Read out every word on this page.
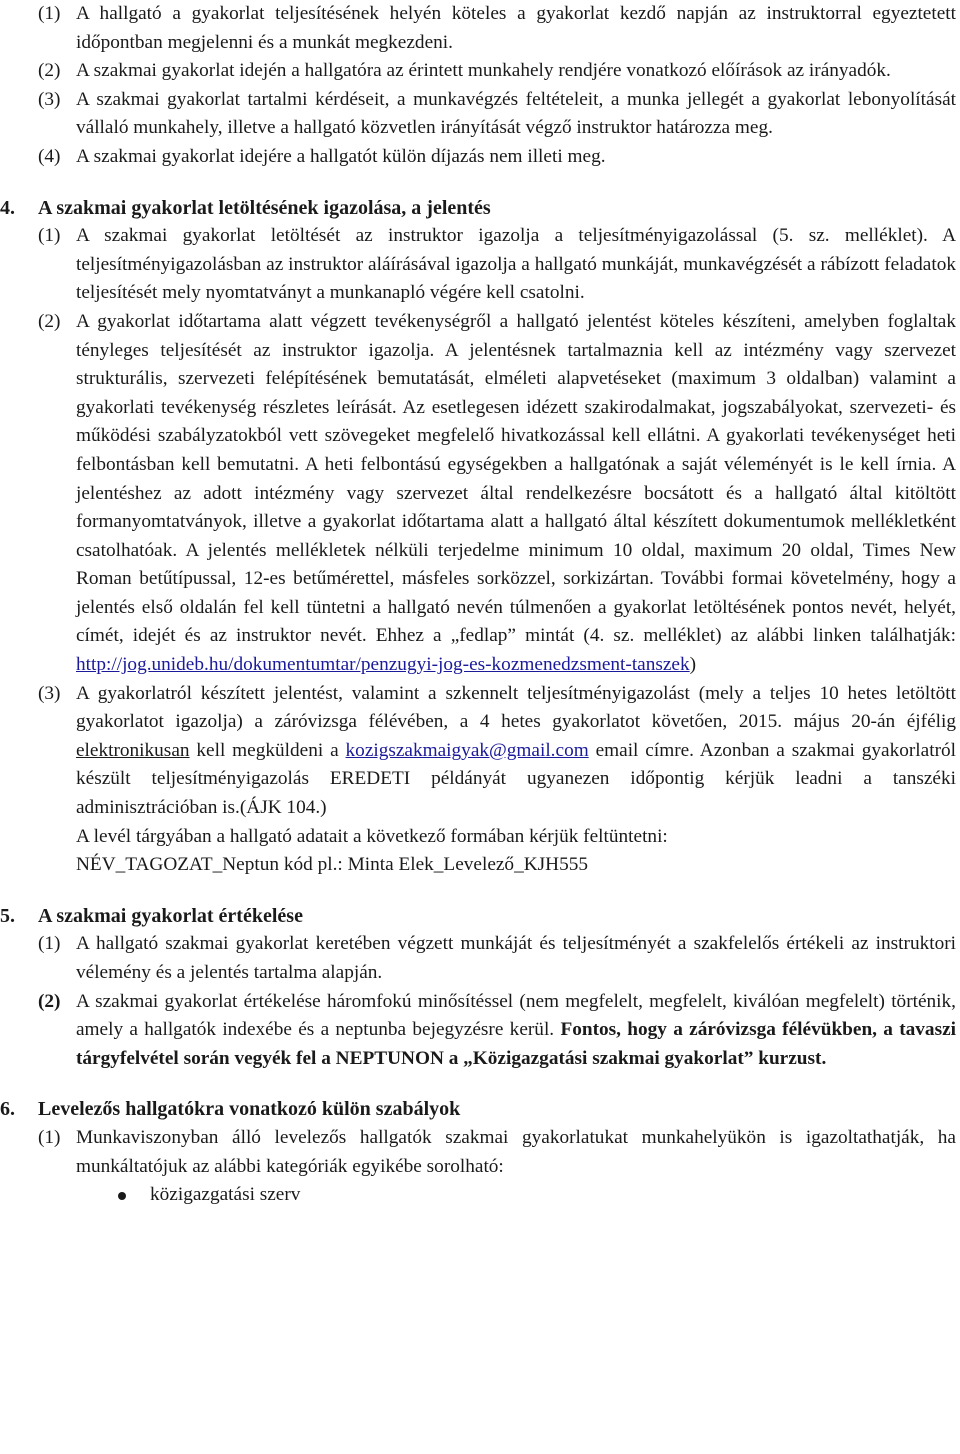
(1) A hallgató a gyakorlat teljesítésének helyén köteles a gyakorlat kezdő napján az instruktorral egyeztetett időpontban megjelenni és a munkát megkezdeni.
(2) A szakmai gyakorlat idején a hallgatóra az érintett munkahely rendjére vonatkozó előírások az irányadók.
(3) A szakmai gyakorlat tartalmi kérdéseit, a munkavégzés feltételeit, a munka jellegét a gyakorlat lebonyolítását vállaló munkahely, illetve a hallgató közvetlen irányítását végző instruktor határozza meg.
(4) A szakmai gyakorlat idejére a hallgatót külön díjazás nem illeti meg.
4. A szakmai gyakorlat letöltésének igazolása, a jelentés
(1) A szakmai gyakorlat letöltését az instruktor igazolja a teljesítményigazolással (5. sz. melléklet). A teljesítményigazolásban az instruktor aláírásával igazolja a hallgató munkáját, munkavégzését a rábízott feladatok teljesítését mely nyomtatványt a munkanapló végére kell csatolni.
(2) A gyakorlat időtartama alatt végzett tevékenységről a hallgató jelentést köteles készíteni, amelyben foglaltak tényleges teljesítését az instruktor igazolja. A jelentésnek tartalmaznia kell az intézmény vagy szervezet strukturális, szervezeti felépítésének bemutatását, elméleti alapvetéseket (maximum 3 oldalban) valamint a gyakorlati tevékenység részletes leírását. Az esetlegesen idézett szakirodalmakat, jogszabályokat, szervezeti- és működési szabályzatokból vett szövegeket megfelelő hivatkozással kell ellátni. A gyakorlati tevékenységet heti felbontásban kell bemutatni. A heti felbontású egységekben a hallgatónak a saját véleményét is le kell írnia. A jelentéshez az adott intézmény vagy szervezet által rendelkezésre bocsátott és a hallgató által kitöltött formanyomtatványok, illetve a gyakorlat időtartama alatt a hallgató által készített dokumentumok mellékletként csatolhatóak. A jelentés mellékletek nélküli terjedelme minimum 10 oldal, maximum 20 oldal, Times New Roman betűtípussal, 12-es betűmérettel, másfeles sorközzel, sorkizártan. További formai követelmény, hogy a jelentés első oldalán fel kell tüntetni a hallgató nevén túlmenően a gyakorlat letöltésének pontos nevét, helyét, címét, idejét és az instruktor nevét. Ehhez a „fedlap” mintát (4. sz. melléklet) az alábbi linken találhatják: http://jog.unideb.hu/dokumentumtar/penzugyi-jog-es-kozmenedzsment-tanszek)
(3) A gyakorlatról készített jelentést, valamint a szkennelt teljesítményigazolást (mely a teljes 10 hetes letöltött gyakorlatot igazolja) a záróvizsga félévében, a 4 hetes gyakorlatot követően, 2015. május 20-án éjfélig elektronikusan kell megküldeni a kozigszakmaigyak@gmail.com email címre. Azonban a szakmai gyakorlatról készült teljesítményigazolás EREDETI példányát ugyanezen időpontig kérjük leadni a tanszéki adminisztrációban is.(ÁJK 104.)
A levél tárgyában a hallgató adatait a következő formában kérjük feltüntetni:
NÉV_TAGOZAT_Neptun kód pl.: Minta Elek_Levelező_KJH555
5. A szakmai gyakorlat értékelése
(1) A hallgató szakmai gyakorlat keretében végzett munkáját és teljesítményét a szakfelelős értékeli az instruktori vélemény és a jelentés tartalma alapján.
(2) A szakmai gyakorlat értékelése háromfokú minősítéssel (nem megfelelt, megfelelt, kiválóan megfelelt) történik, amely a hallgatók indexébe és a neptunba bejegyzésre kerül. Fontos, hogy a záróvizsga félévükben, a tavaszi tárgyfelvétel során vegyék fel a NEPTUNON a „Közigazgatási szakmai gyakorlat” kurzust.
6. Levelezős hallgatókra vonatkozó külön szabályok
(1) Munkaviszonyban álló levelezős hallgatók szakmai gyakorlatukat munkahelyükön is igazoltathatják, ha munkáltatójuk az alábbi kategóriák egyikébe sorolható:
közigazgatási szerv
